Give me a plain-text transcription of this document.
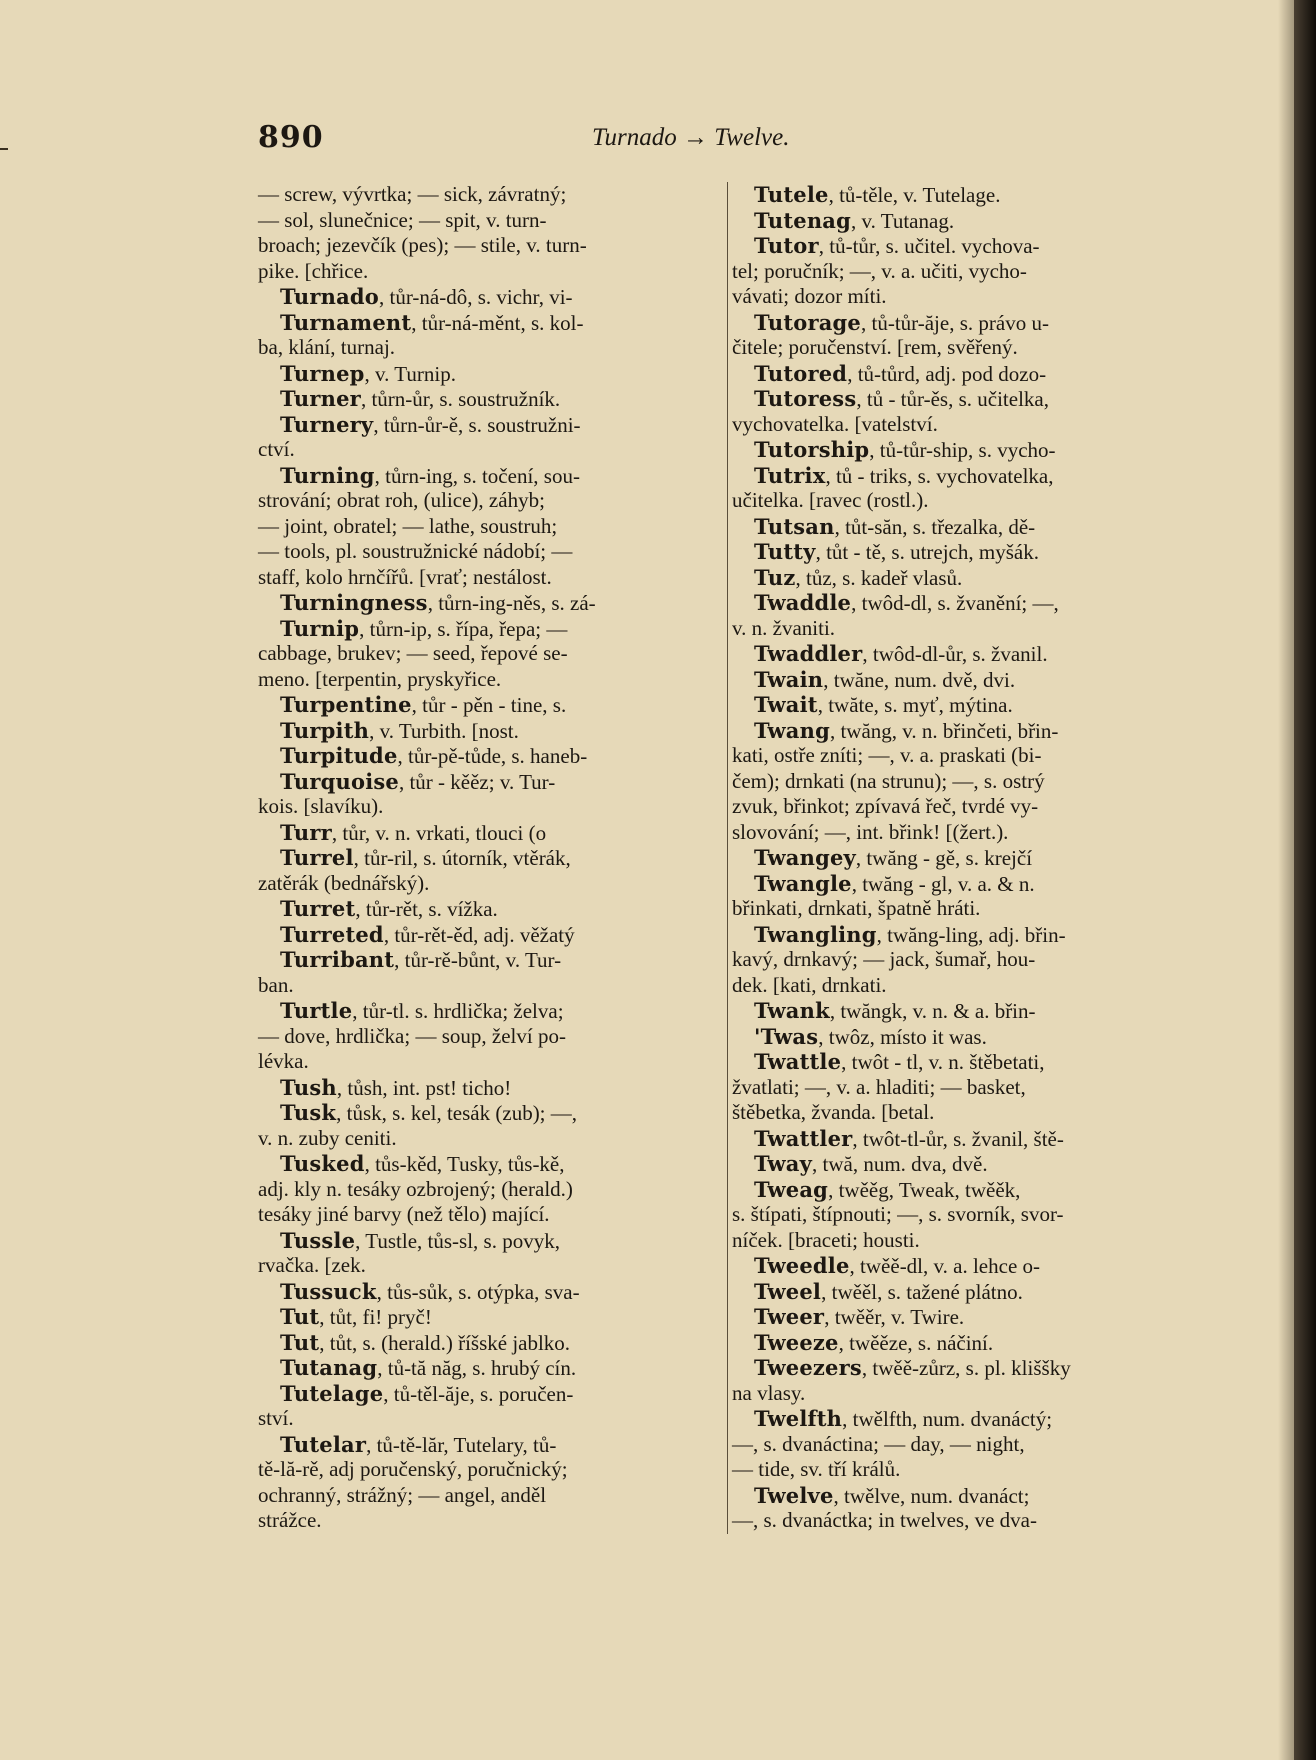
890	Turnado → Twelve.
— screw, vývrtka; — sick, závratný;
— sol, slunečnice; — spit, v. turn-
broach; jezevčík (pes); — stile, v. turn-
pike. [chřice.
Turnado, tůr-ná-dô, s. vichr, vi-
Turnament, tůr-ná-měnt, s. kol-
ba, klání, turnaj.
Turnep, v. Turnip.
Turner, tůrn-ůr, s. soustružník.
Turnery, tůrn-ůr-ě, s. soustružni-
ctví.
Turning, tůrn-ing, s. točení, sou-
strování; obrat roh, (ulice), záhyb;
— joint, obratel; — lathe, soustruh;
— tools, pl. soustružnické nádobí; —
staff, kolo hrnčířů. [vrať; nestálost.
Turningness, tůrn-ing-něs, s. zá-
Turnip, tůrn-ip, s. řípa, řepa; —
cabbage, brukev; — seed, řepové se-
meno. [terpentin, pryskyřice.
Turpentine, tůr - pěn - tine, s.
Turpith, v. Turbith. [nost.
Turpitude, tůr-pě-tůde, s. haneb-
Turquoise, tůr - kěěz; v. Tur-
kois. [slavíku).
Turr, tůr, v. n. vrkati, tlouci (o
Turrel, tůr-ril, s. útorník, vtěrák,
zatěrák (bednářský).
Turret, tůr-rět, s. vížka.
Turreted, tůr-rět-ěd, adj. věžatý
Turribant, tůr-rě-bůnt, v. Tur-
ban.
Turtle, tůr-tl. s. hrdlička; želva;
— dove, hrdlička; — soup, želví po-
lévka.
Tush, tůsh, int. pst! ticho!
Tusk, tůsk, s. kel, tesák (zub); —,
v. n. zuby ceniti.
Tusked, tůs-kěd, Tusky, tůs-kě,
adj. kly n. tesáky ozbrojený; (herald.)
tesáky jiné barvy (než tělo) mající.
Tussle, Tustle, tůs-sl, s. povyk,
rvačka. [zek.
Tussuck, tůs-sůk, s. otýpka, sva-
Tut, tůt, fi! pryč!
Tut, tůt, s. (herald.) říšské jablko.
Tutanag, tů-tă năg, s. hrubý cín.
Tutelage, tů-těl-ăje, s. poručen-
ství.
Tutelar, tů-tě-lăr, Tutelary, tů-
tě-lă-rě, adj poručenský, poručnický;
ochranný, strážný; — angel, anděl
strážce.
Tutele, tů-těle, v. Tutelage.
Tutenag, v. Tutanag.
Tutor, tů-tůr, s. učitel. vychova-
tel; poručník; —, v. a. učiti, vycho-
vávati; dozor míti.
Tutorage, tů-tůr-ăje, s. právo u-
čitele; poručenství. [rem, svěřený.
Tutored, tů-tůrd, adj. pod dozo-
Tutoress, tů - tůr-ěs, s. učitelka,
vychovatelka. [vatelství.
Tutorship, tů-tůr-ship, s. vycho-
Tutrix, tů - triks, s. vychovatelka,
učitelka. [ravec (rostl.).
Tutsan, tůt-săn, s. třezalka, dě-
Tutty, tůt - tě, s. utrejch, myšák.
Tuz, tůz, s. kadeř vlasů.
Twaddle, twôd-dl, s. žvanění; —,
v. n. žvaniti.
Twaddler, twôd-dl-ůr, s. žvanil.
Twain, twăne, num. dvě, dvi.
Twait, twăte, s. myť, mýtina.
Twang, twăng, v. n. břinčeti, břin-
kati, ostře zníti; —, v. a. praskati (bi-
čem); drnkati (na strunu); —, s. ostrý
zvuk, břinkot; zpívavá řeč, tvrdé vy-
slovování; —, int. břink! [(žert.).
Twangey, twăng - gě, s. krejčí
Twangle, twăng - gl, v. a. & n.
břinkati, drnkati, špatně hráti.
Twangling, twăng-ling, adj. břin-
kavý, drnkavý; — jack, šumař, hou-
dek. [kati, drnkati.
Twank, twăngk, v. n. & a. břin-
'Twas, twôz, místo it was.
Twattle, twôt - tl, v. n. štěbetati,
žvatlati; —, v. a. hladiti; — basket,
štěbetka, žvanda. [betal.
Twattler, twôt-tl-ůr, s. žvanil, ště-
Tway, twă, num. dva, dvě.
Tweag, twěěg, Tweak, twěěk,
s. štípati, štípnouti; —, s. svorník, svor-
níček. [braceti; housti.
Tweedle, twěě-dl, v. a. lehce o-
Tweel, twěěl, s. tažené plátno.
Tweer, twěěr, v. Twire.
Tweeze, twěěze, s. náčiní.
Tweezers, twěě-zůrz, s. pl. kliššky
na vlasy.
Twelfth, twělfth, num. dvanáctý;
—, s. dvanáctina; — day, — night,
— tide, sv. tří králů.
Twelve, twělve, num. dvanáct;
—, s. dvanáctka; in twelves, ve dva-
